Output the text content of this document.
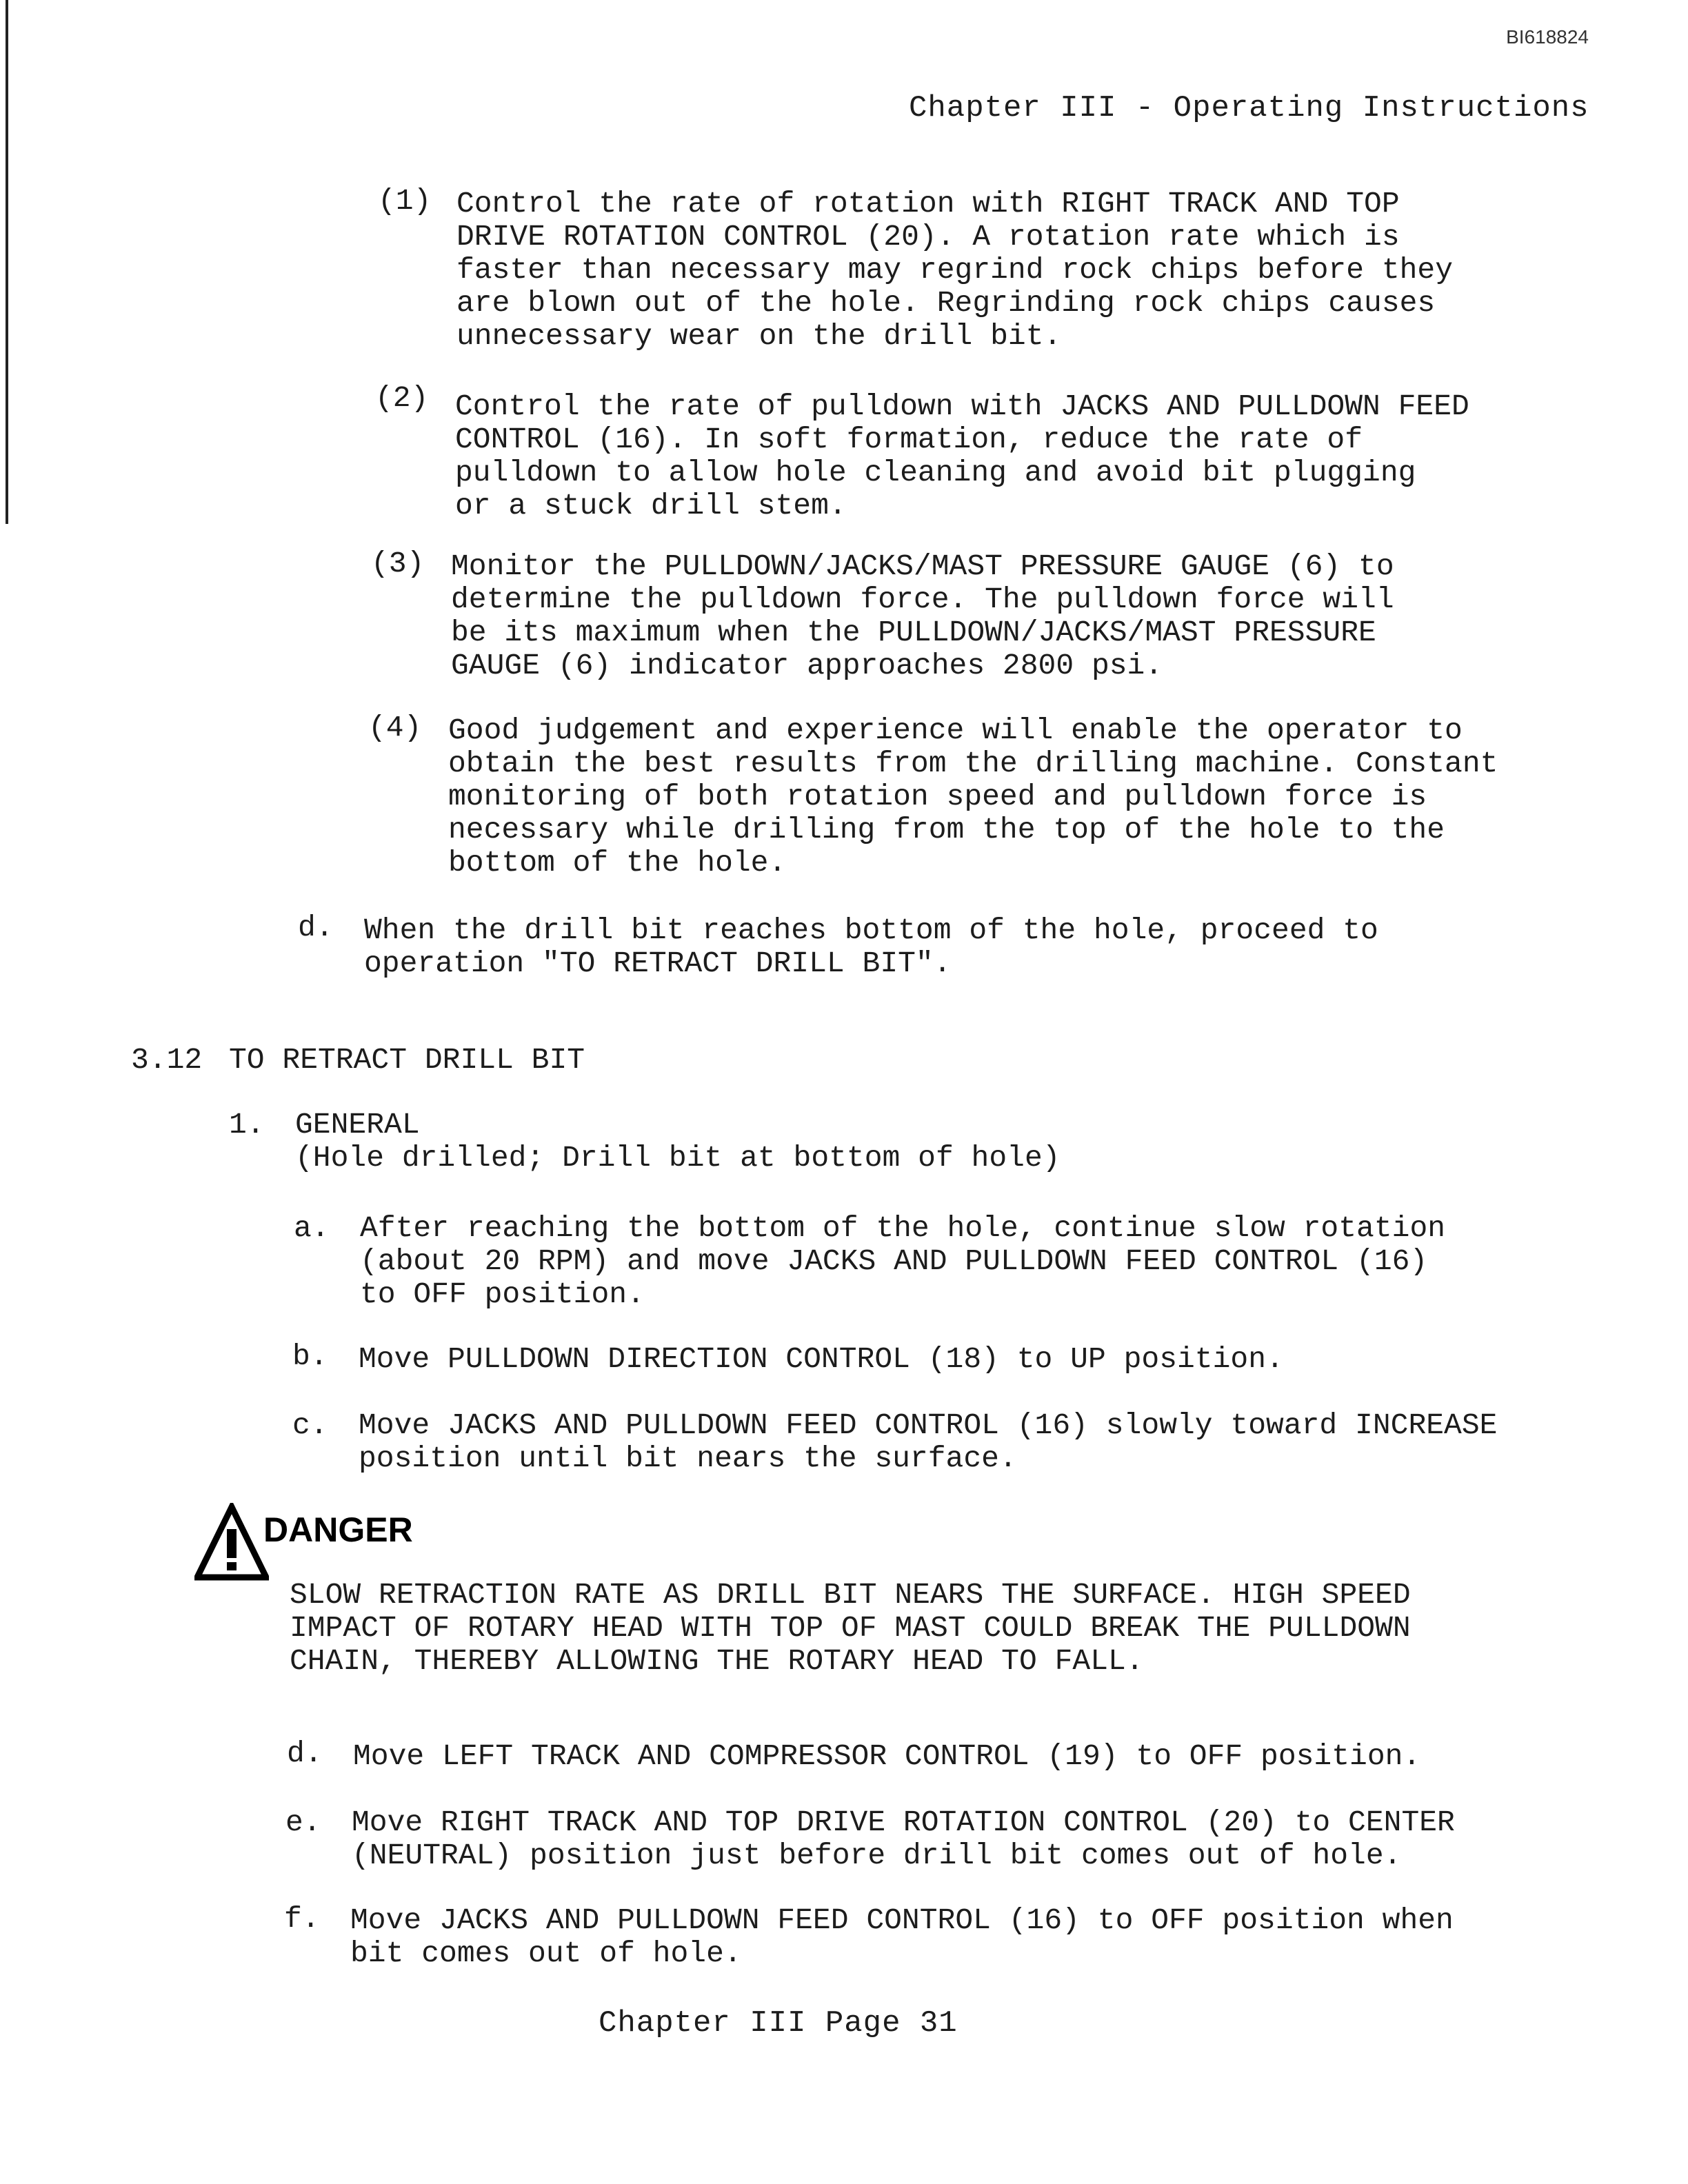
BI618824
Chapter III - Operating Instructions
(1) Control the rate of rotation with RIGHT TRACK AND TOP
DRIVE ROTATION CONTROL (20). A rotation rate which is
faster than necessary may regrind rock chips before they
are blown out of the hole. Regrinding rock chips causes
unnecessary wear on the drill bit.
(2) Control the rate of pulldown with JACKS AND PULLDOWN FEED
CONTROL (16). In soft formation, reduce the rate of
pulldown to allow hole cleaning and avoid bit plugging
or a stuck drill stem.
(3) Monitor the PULLDOWN/JACKS/MAST PRESSURE GAUGE (6) to
determine the pulldown force. The pulldown force will
be its maximum when the PULLDOWN/JACKS/MAST PRESSURE
GAUGE (6) indicator approaches 2800 psi.
(4) Good judgement and experience will enable the operator to
obtain the best results from the drilling machine. Constant
monitoring of both rotation speed and pulldown force is
necessary while drilling from the top of the hole to the
bottom of the hole.
d. When the drill bit reaches bottom of the hole, proceed to
operation "TO RETRACT DRILL BIT".
3.12 TO RETRACT DRILL BIT
1. GENERAL
(Hole drilled; Drill bit at bottom of hole)
a. After reaching the bottom of the hole, continue slow rotation
(about 20 RPM) and move JACKS AND PULLDOWN FEED CONTROL (16)
to OFF position.
b. Move PULLDOWN DIRECTION CONTROL (18) to UP position.
c. Move JACKS AND PULLDOWN FEED CONTROL (16) slowly toward INCREASE
position until bit nears the surface.
DANGER
SLOW RETRACTION RATE AS DRILL BIT NEARS THE SURFACE. HIGH SPEED
IMPACT OF ROTARY HEAD WITH TOP OF MAST COULD BREAK THE PULLDOWN
CHAIN, THEREBY ALLOWING THE ROTARY HEAD TO FALL.
d. Move LEFT TRACK AND COMPRESSOR CONTROL (19) to OFF position.
e. Move RIGHT TRACK AND TOP DRIVE ROTATION CONTROL (20) to CENTER
(NEUTRAL) position just before drill bit comes out of hole.
f. Move JACKS AND PULLDOWN FEED CONTROL (16) to OFF position when
bit comes out of hole.
Chapter III Page 31
